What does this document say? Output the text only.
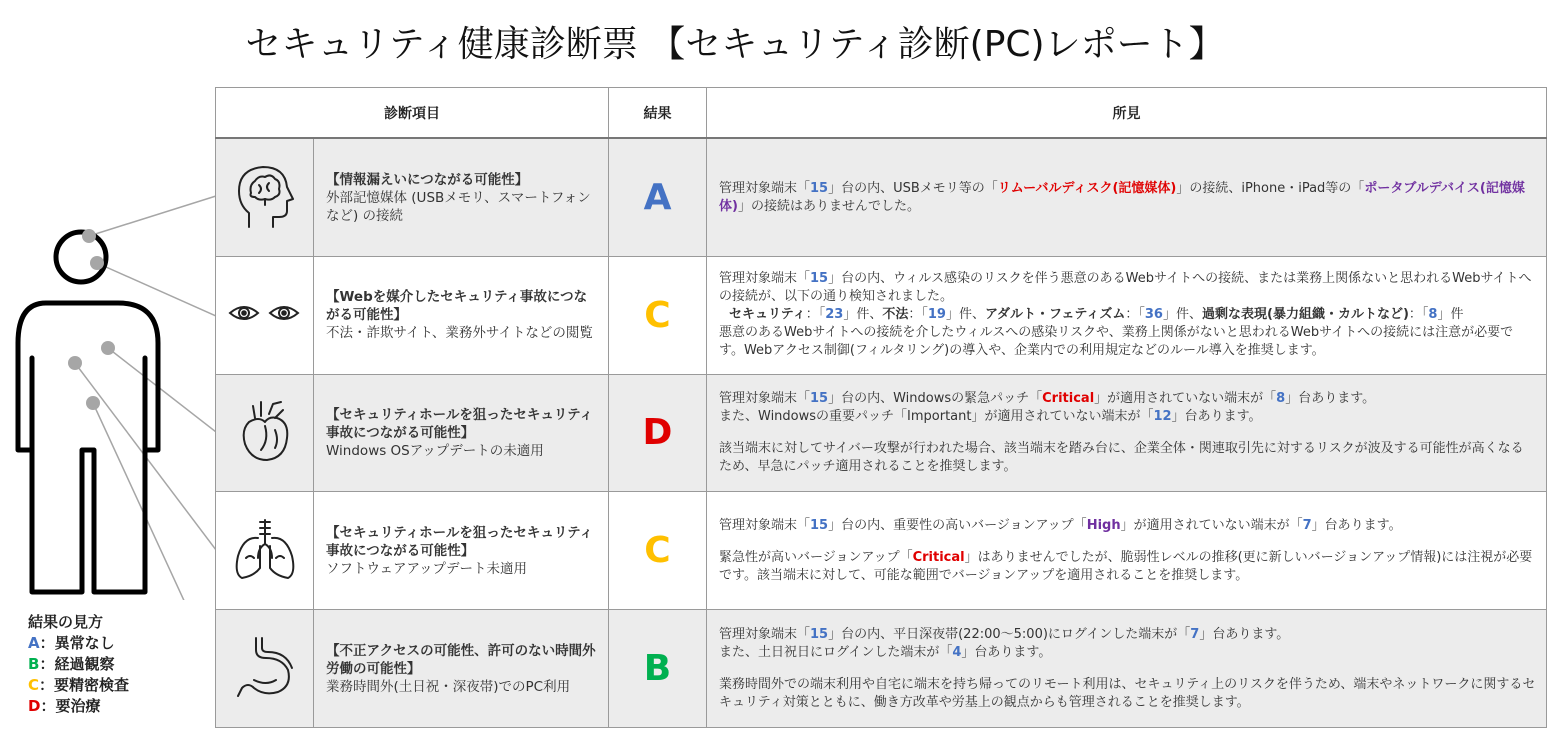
セキュリティ健康診断票 【セキュリティ診断(PC)レポート】
結果の見方
A：異常なし
B：経過観察
C：要精密検査
D：要治療
診断項目		結果	所見

【情報漏えいにつながる可能性】
外部記憶媒体 (USBメモリ、スマートフォンなど) の接続	A	管理対象端末「15」台の内、USBメモリ等の「リムーバルディスク(記憶媒体)」の接続、iPhone・iPad等の「ポータブルデバイス(記憶媒体)」の接続はありませんでした。

【Webを媒介したセキュリティ事故につながる可能性】
不法・詐欺サイト、業務外サイトなどの閲覧	C	管理対象端末「15」台の内、ウィルス感染のリスクを伴う悪意のあるWebサイトへの接続、または業務上関係ないと思われるWebサイトへの接続が、以下の通り検知されました。
セキュリティ：「23」件、不法：「19」件、アダルト・フェティズム：「36」件、過剰な表現(暴力組織・カルトなど)：「8」件
悪意のあるWebサイトへの接続を介したウィルスへの感染リスクや、業務上関係がないと思われるWebサイトへの接続には注意が必要です。Webアクセス制御(フィルタリング)の導入や、企業内での利用規定などのルール導入を推奨します。

【セキュリティホールを狙ったセキュリティ事故につながる可能性】
Windows OSアップデートの未適用	D	管理対象端末「15」台の内、Windowsの緊急パッチ「Critical」が適用されていない端末が「8」台あります。
また、Windowsの重要パッチ「Important」が適用されていない端末が「12」台あります。
該当端末に対してサイバー攻撃が行われた場合、該当端末を踏み台に、企業全体・関連取引先に対するリスクが波及する可能性が高くなるため、早急にパッチ適用されることを推奨します。

【セキュリティホールを狙ったセキュリティ事故につながる可能性】
ソフトウェアアップデート未適用	C	管理対象端末「15」台の内、重要性の高いバージョンアップ「High」が適用されていない端末が「7」台あります。
緊急性が高いバージョンアップ「Critical」はありませんでしたが、脆弱性レベルの推移(更に新しいバージョンアップ情報)には注視が必要です。該当端末に対して、可能な範囲でバージョンアップを適用されることを推奨します。

【不正アクセスの可能性、許可のない時間外労働の可能性】
業務時間外(土日祝・深夜帯)でのPC利用	B	管理対象端末「15」台の内、平日深夜帯(22:00～5:00)にログインした端末が「7」台あります。
また、土日祝日にログインした端末が「4」台あります。
業務時間外での端末利用や自宅に端末を持ち帰ってのリモート利用は、セキュリティ上のリスクを伴うため、端末やネットワークに関するセキュリティ対策とともに、働き方改革や労基上の観点からも管理されることを推奨します。
